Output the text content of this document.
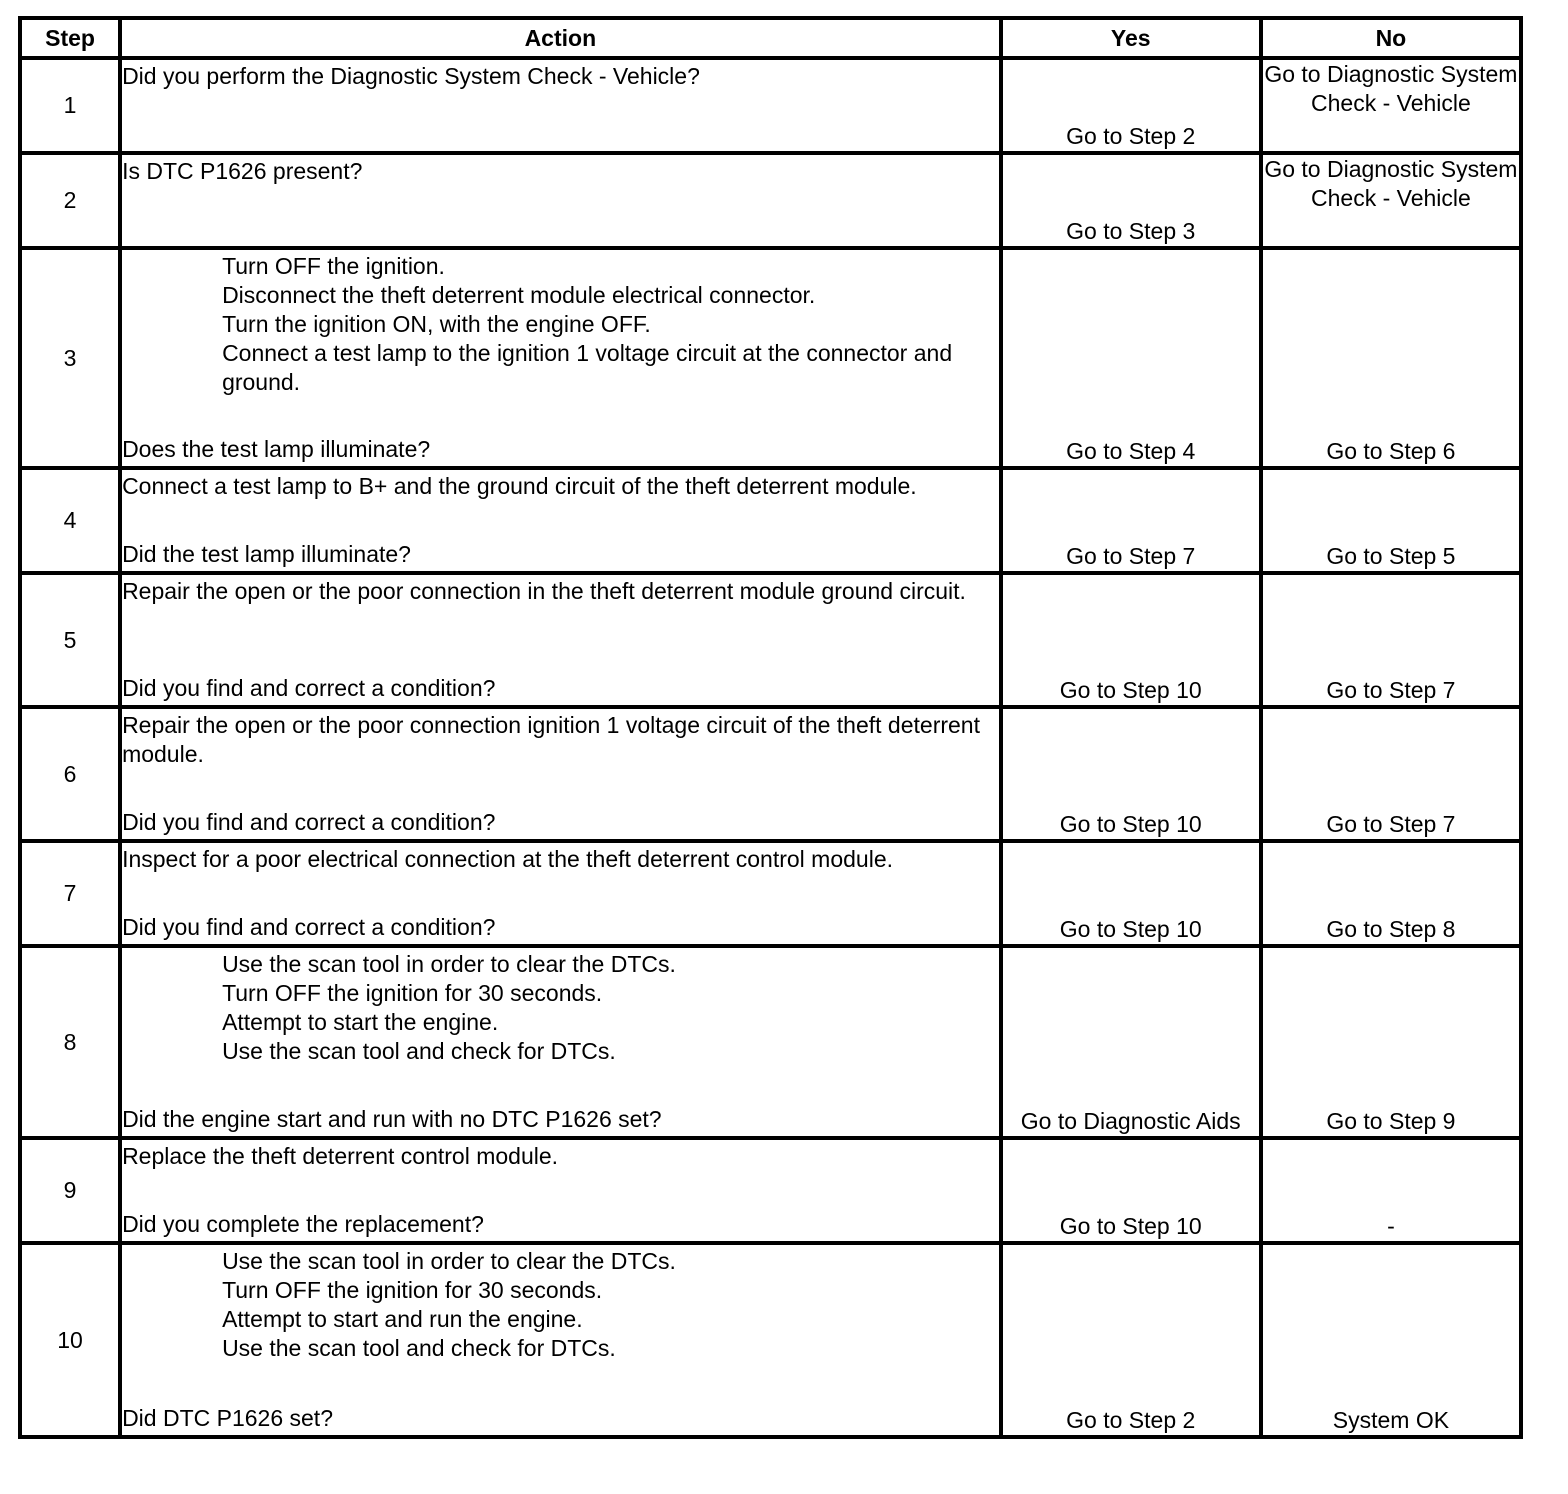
Step	Action	Yes	No
1	Did you perform the Diagnostic System Check - Vehicle?	Go to Step 2	Go to Diagnostic System Check - Vehicle
2	Is DTC P1626 present?	Go to Step 3	Go to Diagnostic System Check - Vehicle
3	Turn OFF the ignition.
Disconnect the theft deterrent module electrical connector.
Turn the ignition ON, with the engine OFF.
Connect a test lamp to the ignition 1 voltage circuit at the connector and ground.
Does the test lamp illuminate?	Go to Step 4	Go to Step 6
4	Connect a test lamp to B+ and the ground circuit of the theft deterrent module.
Did the test lamp illuminate?	Go to Step 7	Go to Step 5
5	Repair the open or the poor connection in the theft deterrent module ground circuit.
Did you find and correct a condition?	Go to Step 10	Go to Step 7
6	Repair the open or the poor connection ignition 1 voltage circuit of the theft deterrent module.
Did you find and correct a condition?	Go to Step 10	Go to Step 7
7	Inspect for a poor electrical connection at the theft deterrent control module.
Did you find and correct a condition?	Go to Step 10	Go to Step 8
8	Use the scan tool in order to clear the DTCs.
Turn OFF the ignition for 30 seconds.
Attempt to start the engine.
Use the scan tool and check for DTCs.
Did the engine start and run with no DTC P1626 set?	Go to Diagnostic Aids	Go to Step 9
9	Replace the theft deterrent control module.
Did you complete the replacement?	Go to Step 10	-
10	Use the scan tool in order to clear the DTCs.
Turn OFF the ignition for 30 seconds.
Attempt to start and run the engine.
Use the scan tool and check for DTCs.
Did DTC P1626 set?	Go to Step 2	System OK
